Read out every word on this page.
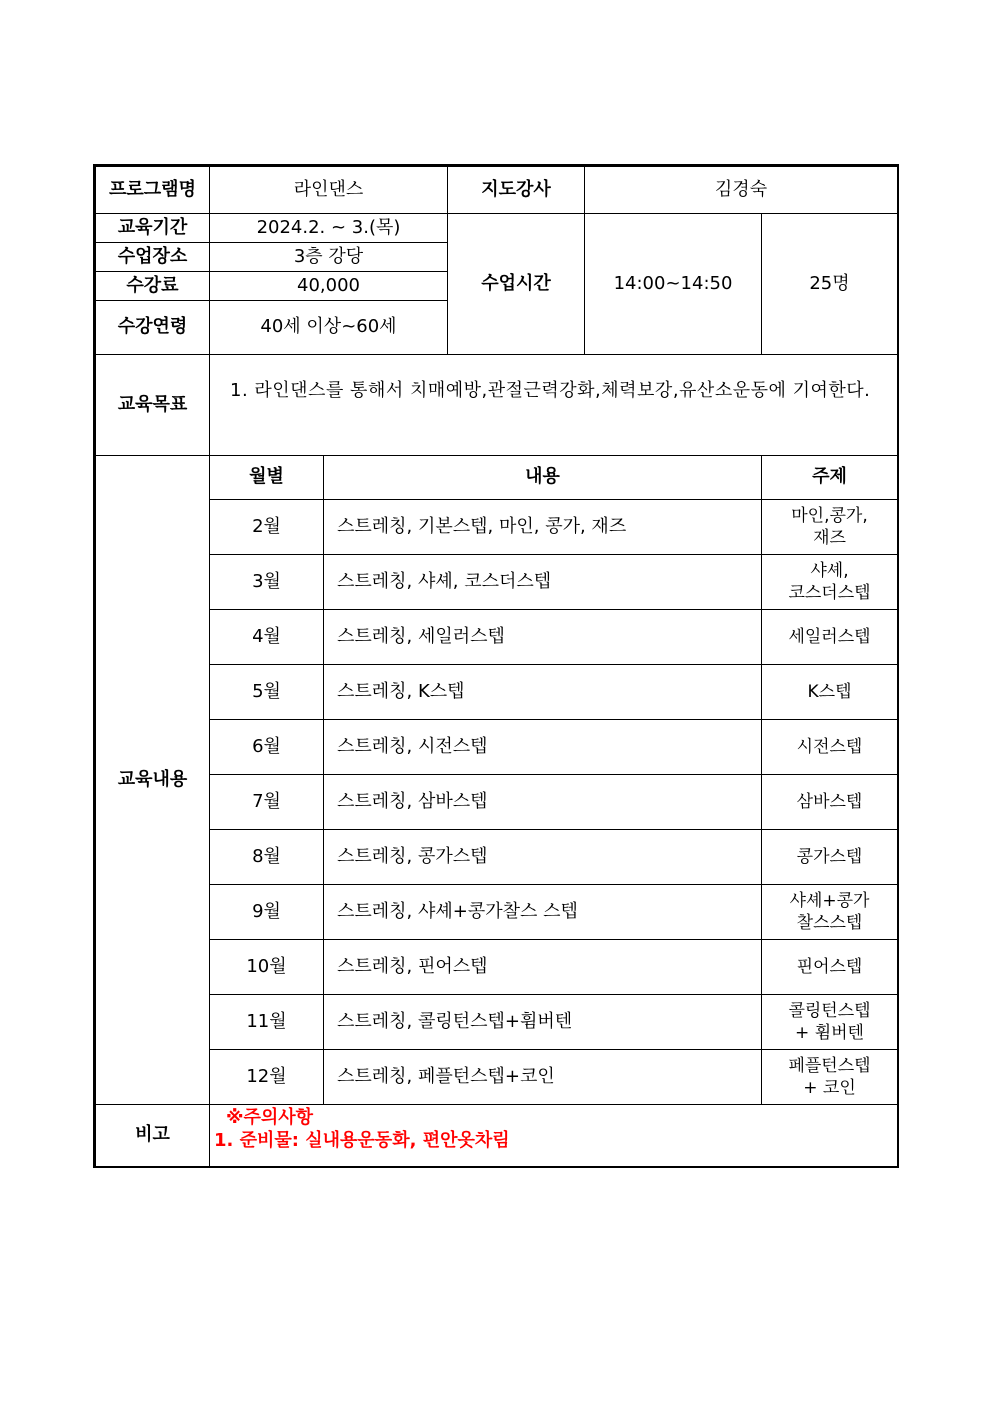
프로그램명	라인댄스		지도강사	김경숙	
교육기간	2024.2. ~ 3.(목)		수업시간	14:00~14:50	25명
수업장소	3층 강당				
수강료	40,000				
수강연령	40세 이상~60세				
교육목표	1. 라인댄스를 통해서 치매예방,관절근력강화,체력보강,유산소운동에 기여한다.				

교육내용	월별	내용			주제
	2월	스트레칭, 기본스텝, 마인, 콩가, 재즈			마인,콩가,
재즈

	3월	스트레칭, 샤셰, 코스더스텝			샤셰,
코스더스텝

	4월	스트레칭, 세일러스텝			세일러스텝

	5월	스트레칭, K스텝			K스텝

	6월	스트레칭, 시전스텝			시전스텝

	7월	스트레칭, 삼바스텝			삼바스텝

	8월	스트레칭, 콩가스텝			콩가스텝

	9월	스트레칭, 샤셰+콩가찰스 스텝			샤셰+콩가
찰스스텝

	10월	스트레칭, 핀어스텝			핀어스텝

	11월	스트레칭, 콜링턴스텝+휨버텐			콜링턴스텝
+ 휨버텐

	12월	스트레칭, 페플턴스텝+코인			페플턴스텝
+ 코인

비고	※주의사항
1. 준비물: 실내용운동화, 편안옷차림				
